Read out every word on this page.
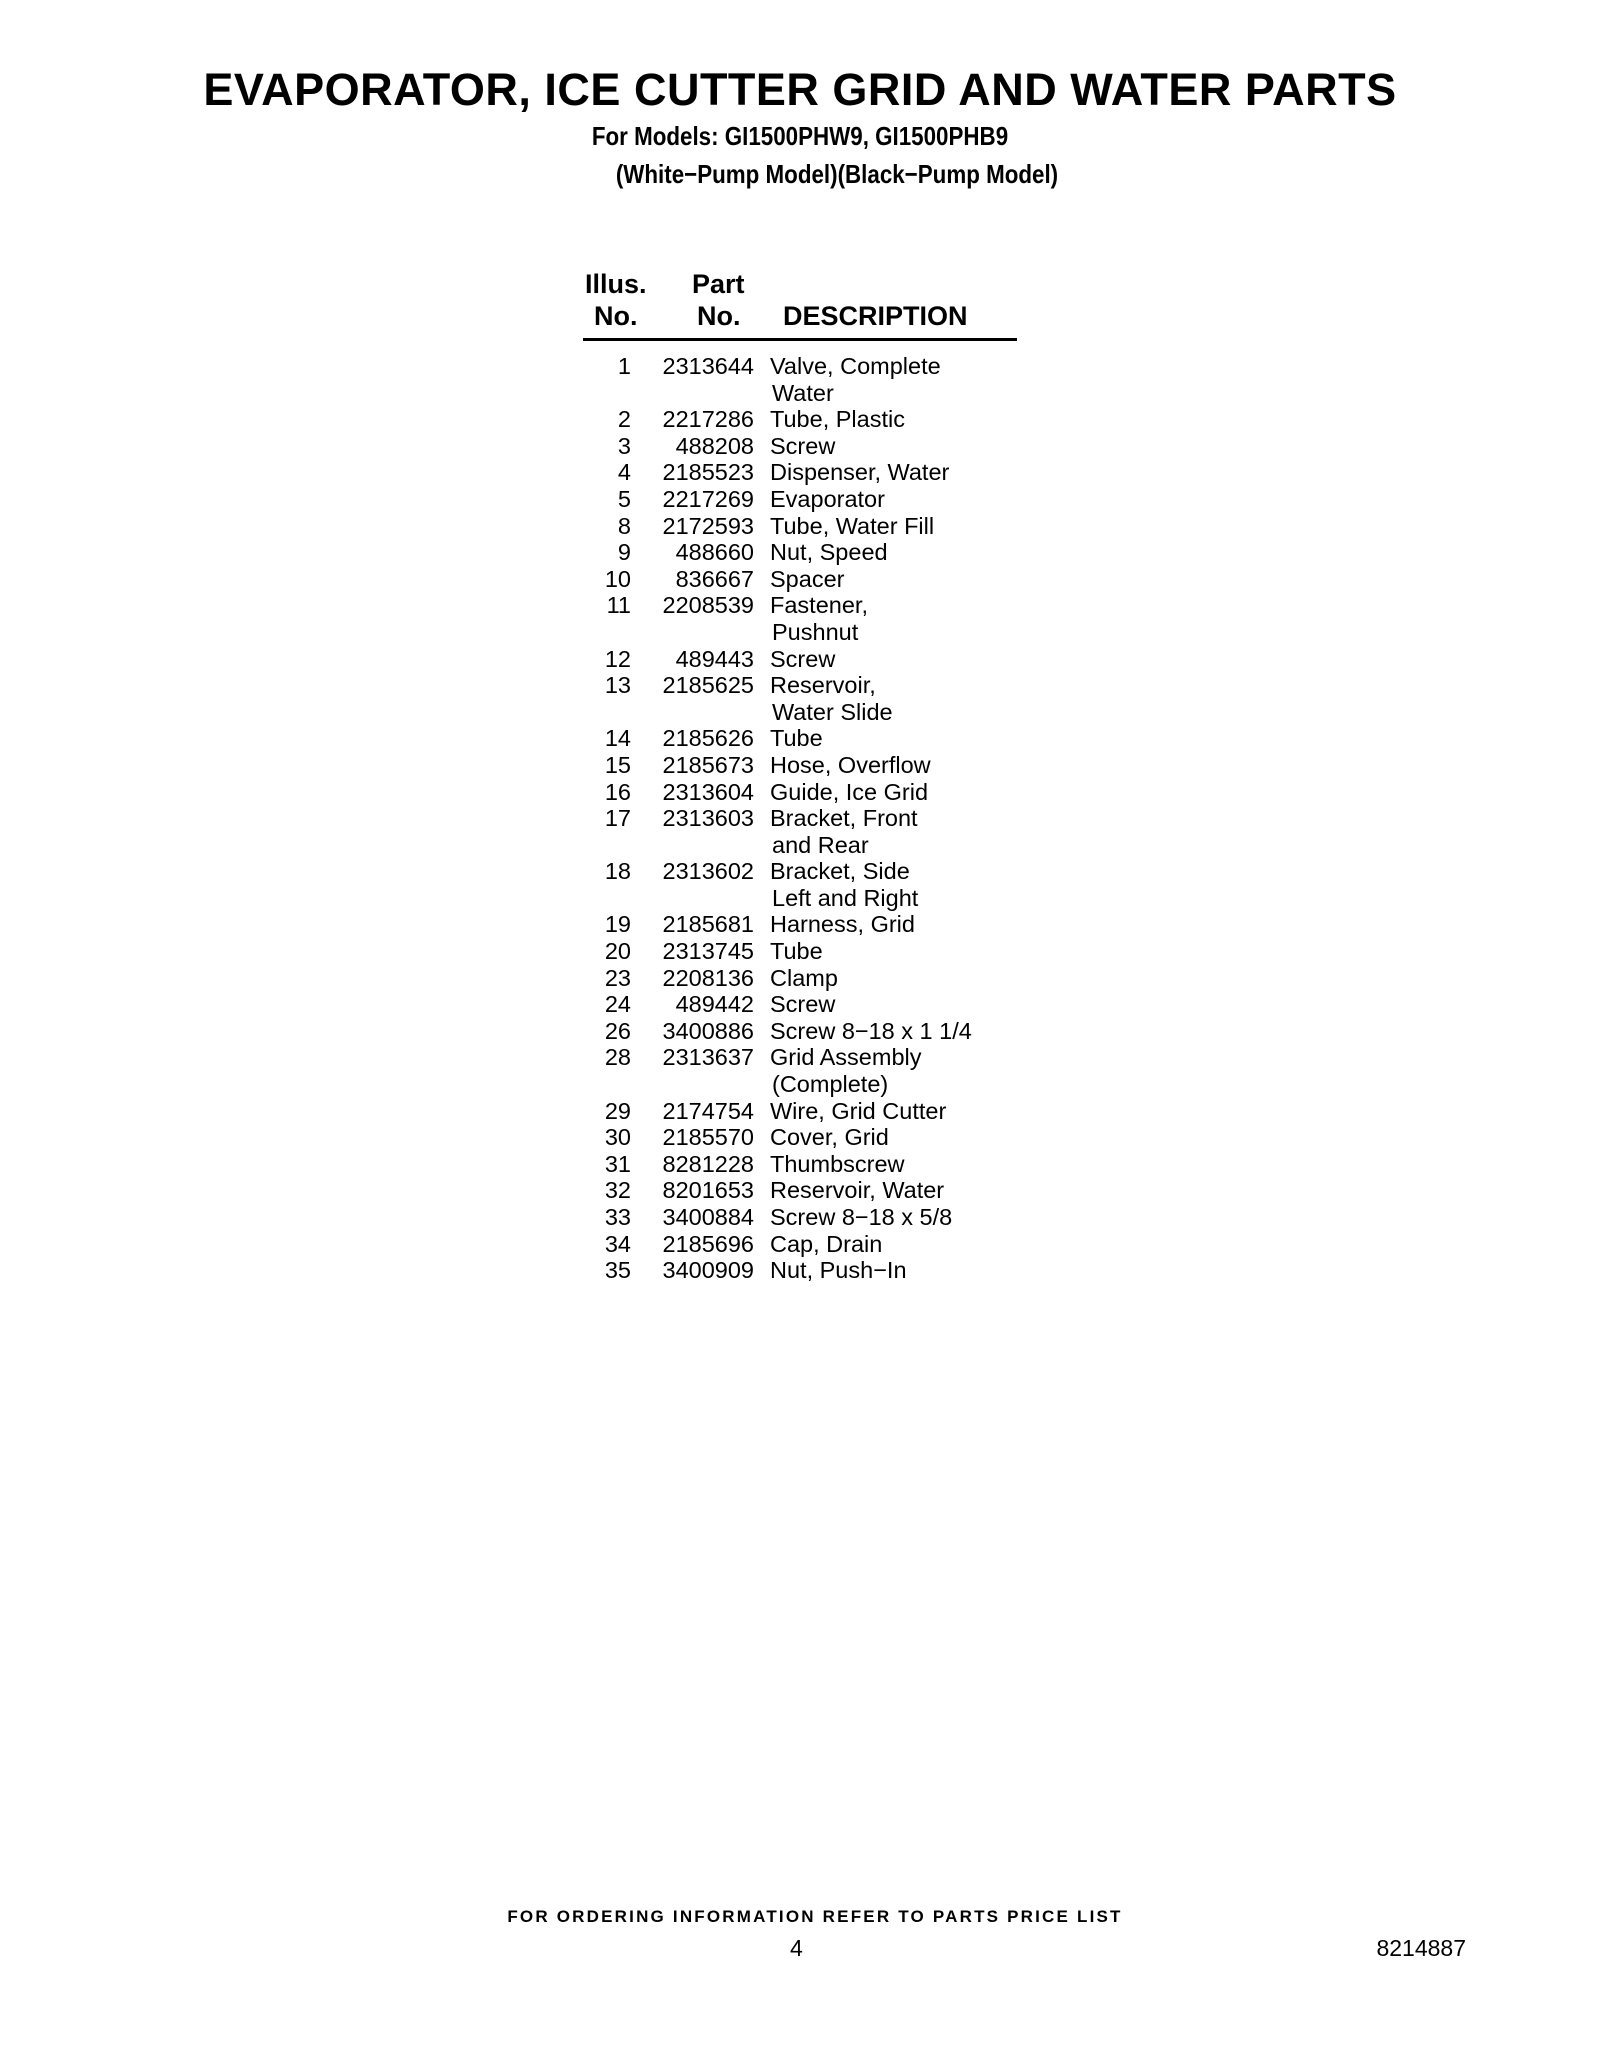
EVAPORATOR, ICE CUTTER GRID AND WATER PARTS
For Models: GI1500PHW9, GI1500PHB9
(White−Pump Model)(Black−Pump Model)
Illus.
No.
Part
No. DESCRIPTION
1	2313644 Valve, Complete
Water
2	2217286 Tube, Plastic
3	488208 Screw
4	2185523 Dispenser, Water
5	2217269 Evaporator
8	2172593 Tube, Water Fill
9	488660 Nut, Speed
10	836667 Spacer
11	2208539 Fastener,
Pushnut
12	489443 Screw
13	2185625 Reservoir,
Water Slide
14	2185626 Tube
15	2185673 Hose, Overflow
16	2313604 Guide, Ice Grid
17	2313603 Bracket, Front
and Rear
18	2313602 Bracket, Side
Left and Right
19	2185681 Harness, Grid
20	2313745 Tube
23	2208136 Clamp
24	489442 Screw
26	3400886 Screw 8−18 x 1 1/4
28	2313637 Grid Assembly
(Complete)
29	2174754 Wire, Grid Cutter
30	2185570 Cover, Grid
31	8281228 Thumbscrew
32	8201653 Reservoir, Water
33	3400884 Screw 8−18 x 5/8
34	2185696 Cap, Drain
35	3400909 Nut, Push−In
FOR ORDERING INFORMATION REFER TO PARTS PRICE LIST
4	8214887
